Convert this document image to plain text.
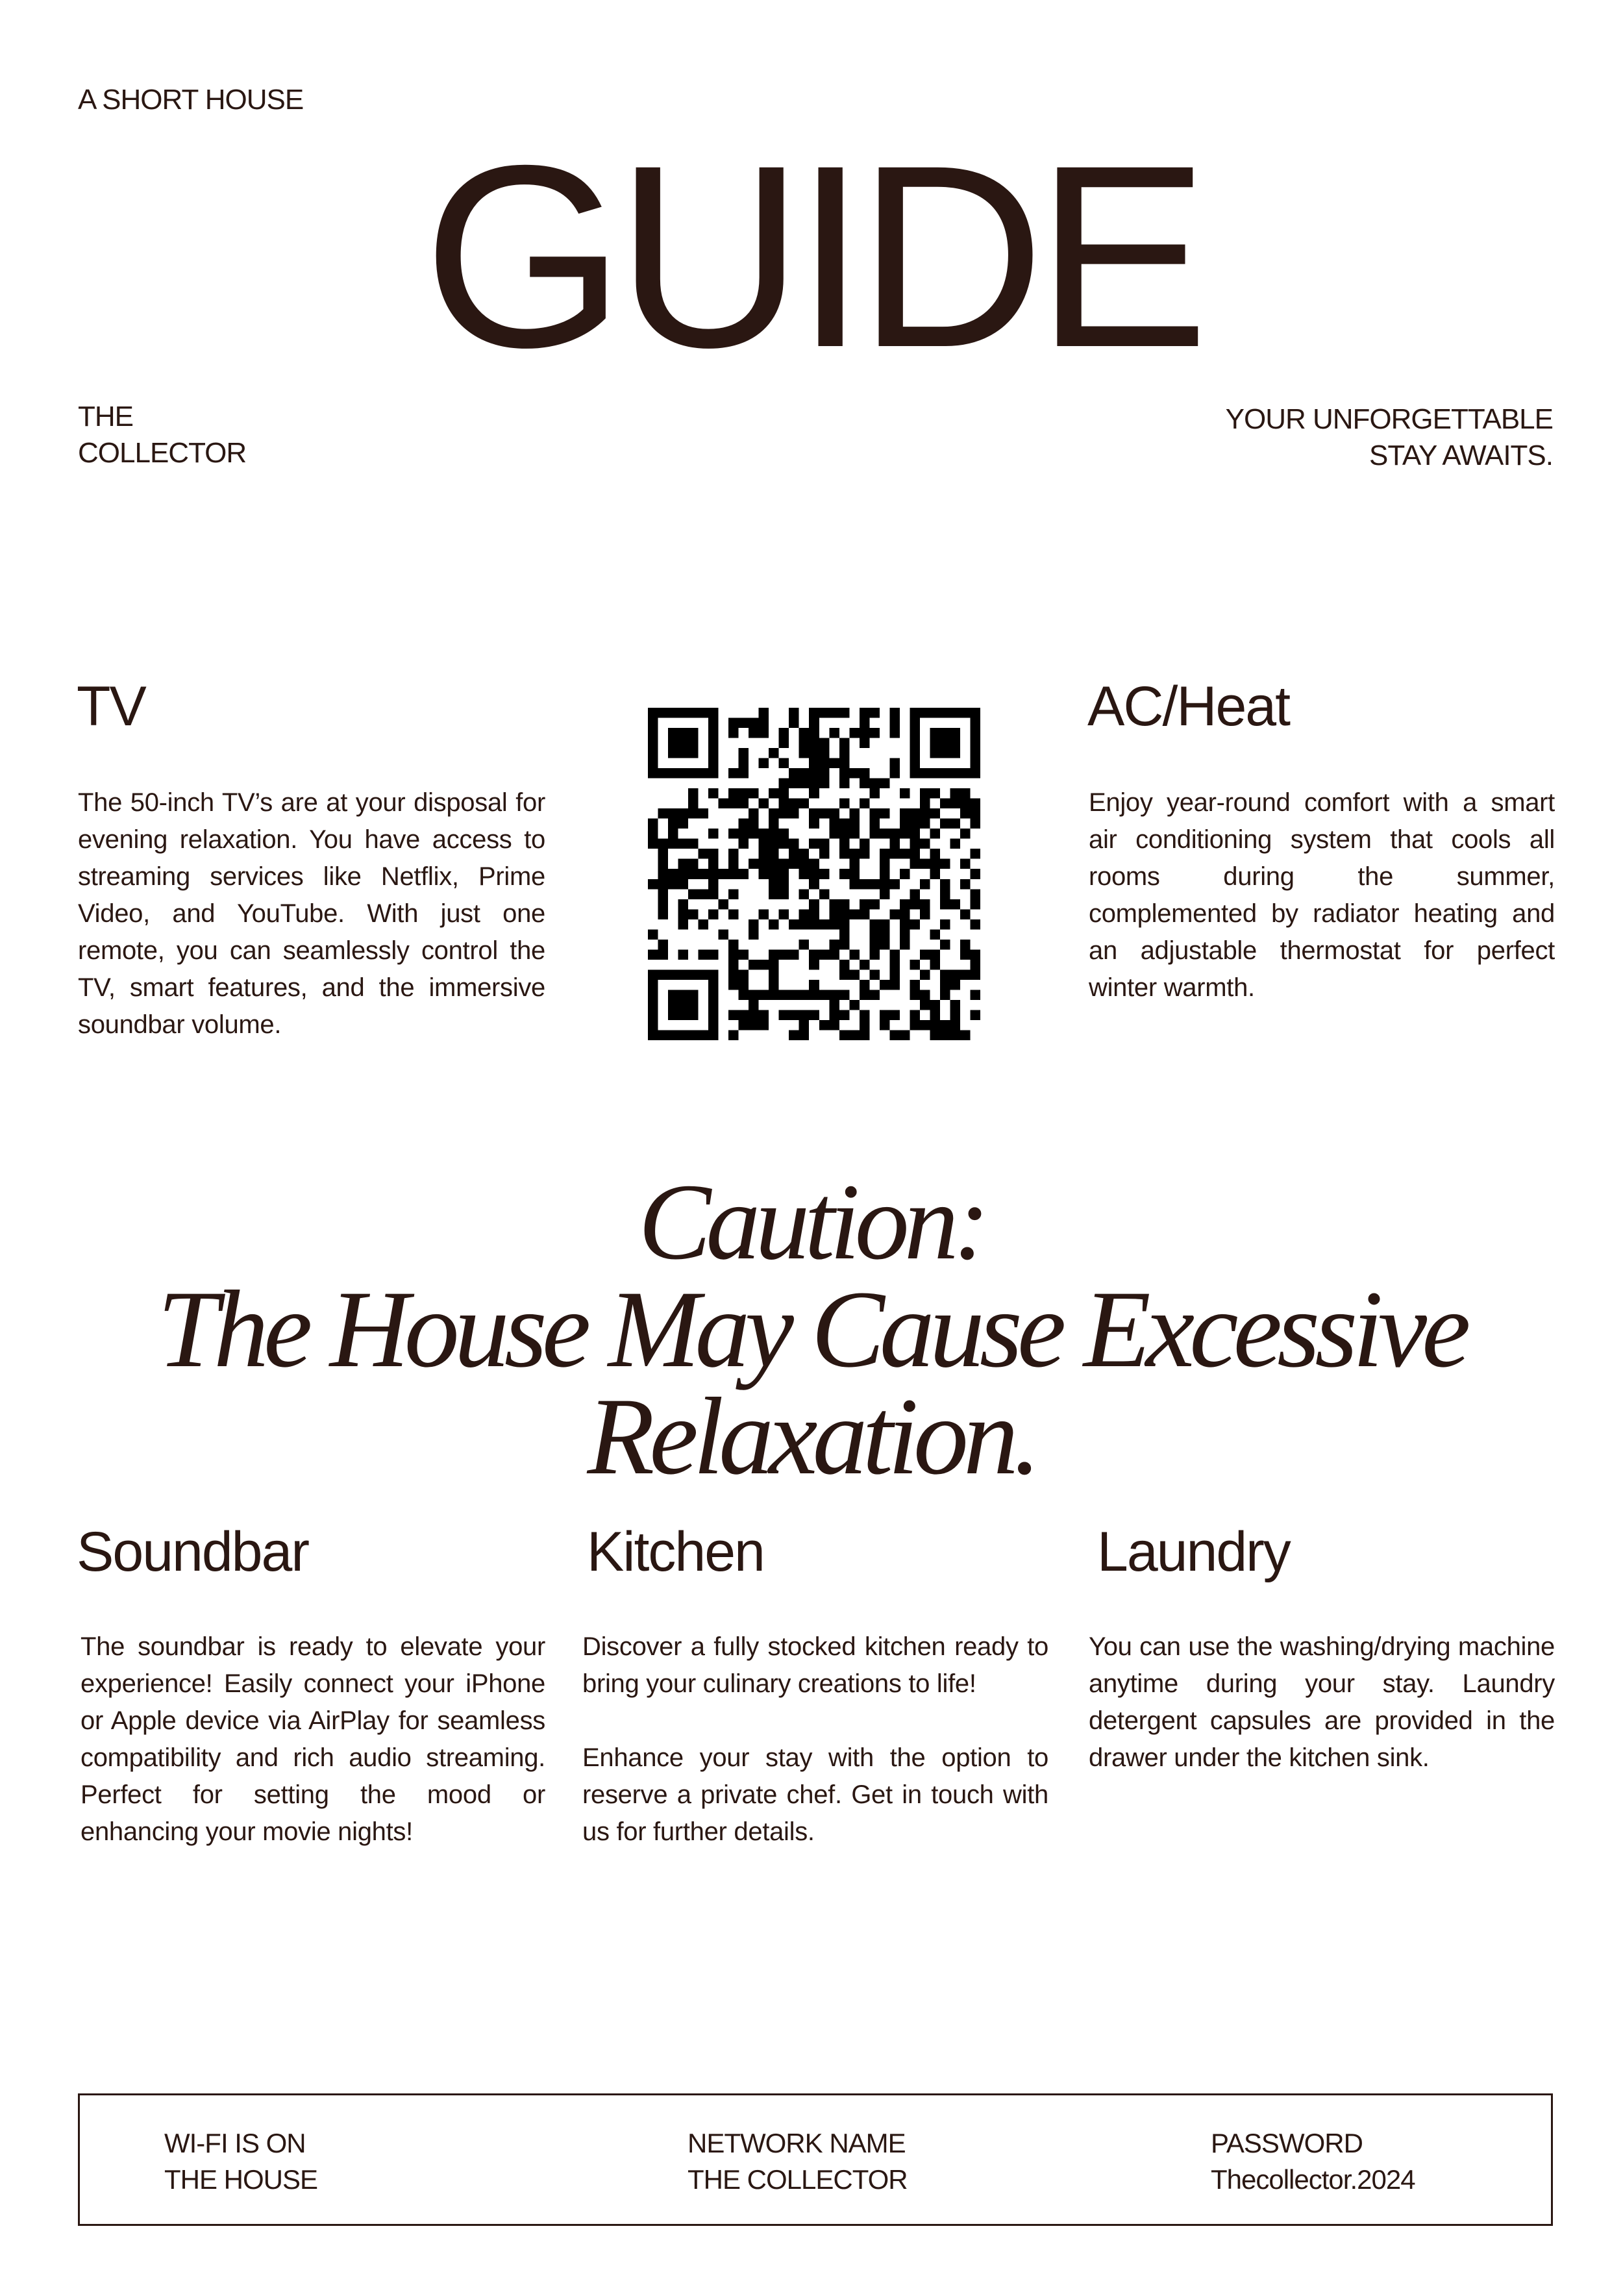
A SHORT HOUSE
GUIDE
THE
COLLECTOR
YOUR UNFORGETTABLE
STAY AWAITS.
TV

The 50-inch TV’s are at your disposal for evening relaxation. You have access to streaming services like Netflix, Prime Video, and YouTube. With just one remote, you can seamlessly control the TV, smart features, and the immersive soundbar volume.

AC/Heat

Enjoy year-round comfort with a smart air conditioning system that cools all rooms during the summer, complemented by radiator heating and an adjustable thermostat for perfect winter warmth.

Caution:
The House May Cause Excessive Relaxation.
Soundbar

The soundbar is ready to elevate your experience! Easily connect your iPhone or Apple device via AirPlay for seamless compatibility and rich audio streaming. Perfect for setting the mood or enhancing your movie nights!

Kitchen

Discover a fully stocked kitchen ready to bring your culinary creations to life!

Enhance your stay with the option to reserve a private chef. Get in touch with us for further details.

Laundry

You can use the washing/drying machine anytime during your stay. Laundry detergent capsules are provided in the drawer under the kitchen sink.

WI-FI IS ON
THE HOUSE
NETWORK NAME
THE COLLECTOR
PASSWORD
Thecollector.2024
